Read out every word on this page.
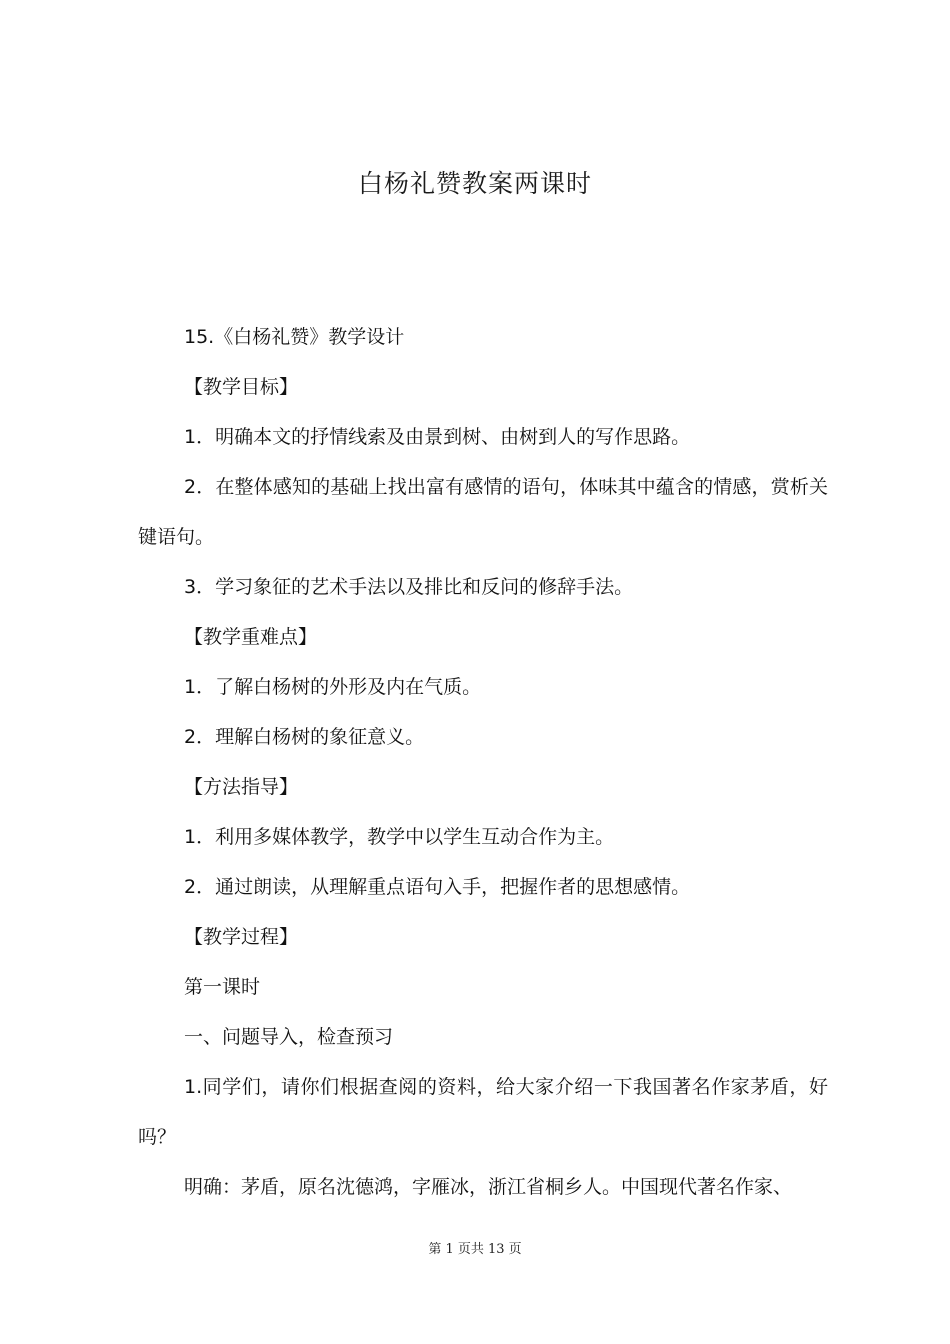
白杨礼赞教案两课时

15.《白杨礼赞》教学设计

【教学目标】

1．明确本文的抒情线索及由景到树、由树到人的写作思路。

2．在整体感知的基础上找出富有感情的语句，体味其中蕴含的情感，赏析关键语句。

3．学习象征的艺术手法以及排比和反问的修辞手法。

【教学重难点】

1．了解白杨树的外形及内在气质。

2．理解白杨树的象征意义。

【方法指导】

1．利用多媒体教学，教学中以学生互动合作为主。

2．通过朗读，从理解重点语句入手，把握作者的思想感情。

【教学过程】

第一课时

一、问题导入，检查预习

1.同学们，请你们根据查阅的资料，给大家介绍一下我国著名作家茅盾，好吗？

明确：茅盾，原名沈德鸿，字雁冰，浙江省桐乡人。中国现代著名作家、

第 1 页共 13 页
